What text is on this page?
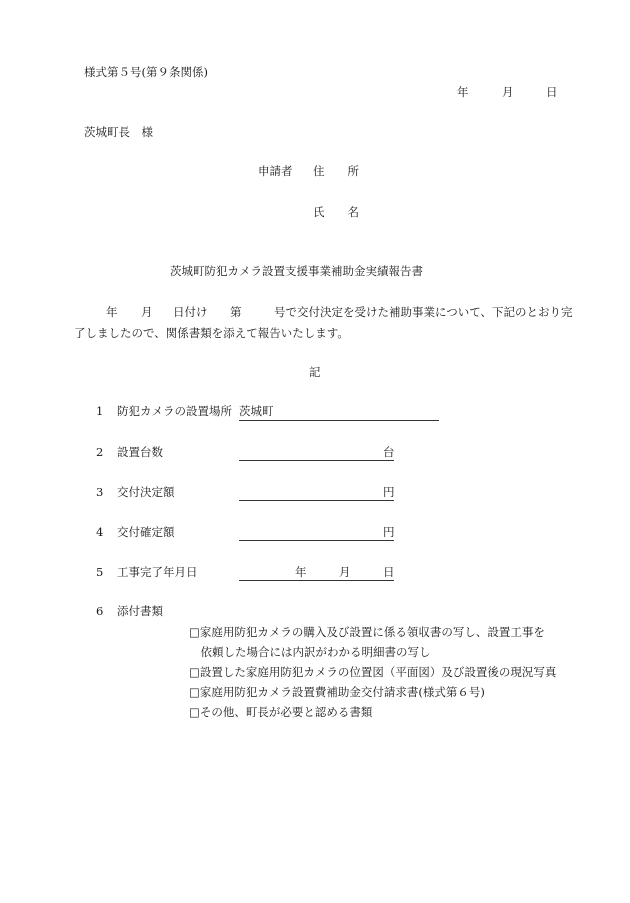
様式第５号(第９条関係)
年	月	日
茨城町長　様
申請者 住　　所
氏　　名
茨城町防犯カメラ設置支援事業補助金実績報告書
年 月 日付け 第	号で交付決定を受けた補助事業について、下記のとおり完
了しましたので、関係書類を添えて報告いたします。
記
1 防犯カメラの設置場所 茨城町
2 設置台数	台
3 交付決定額	円
4 交付確定額	円
5 工事完了年月日	年	月	日
6 添付書類
□家庭用防犯カメラの購入及び設置に係る領収書の写し、設置工事を
　依頼した場合には内訳がわかる明細書の写し
□設置した家庭用防犯カメラの位置図（平面図）及び設置後の現況写真
□家庭用防犯カメラ設置費補助金交付請求書(様式第６号)
□その他、町長が必要と認める書類
